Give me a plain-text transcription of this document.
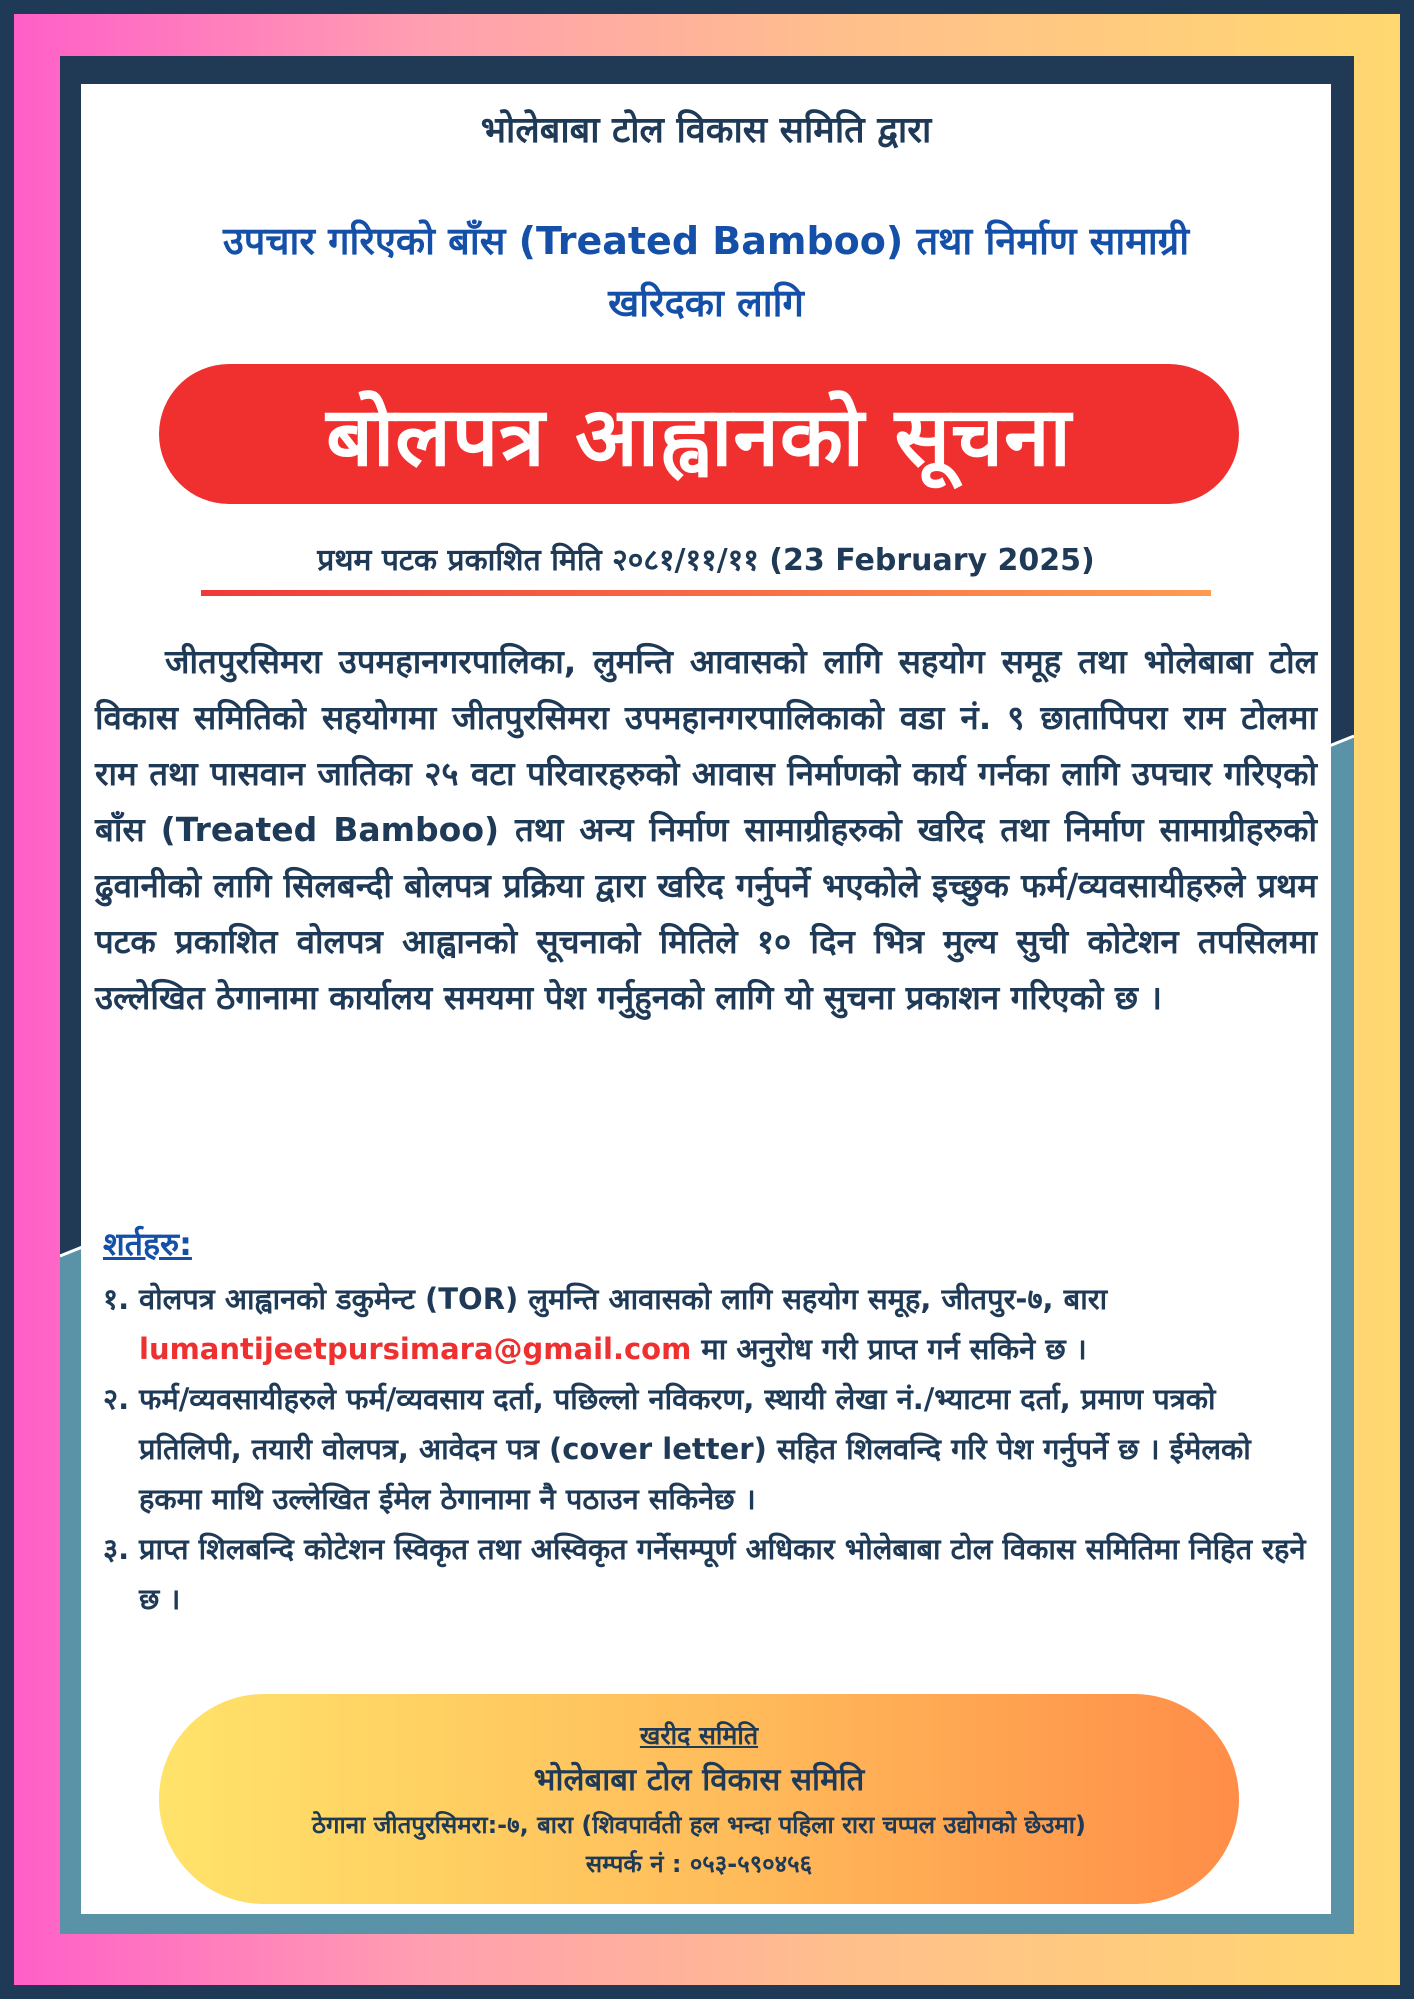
भोलेबाबा टोल विकास समिति द्वारा
उपचार गरिएको बाँस (Treated Bamboo) तथा निर्माण सामाग्री खरिदका लागि
बोलपत्र आह्वानको सूचना
प्रथम पटक प्रकाशित मिति २०८१/११/११ (23 February 2025)
जीतपुरसिमरा उपमहानगरपालिका, लुमन्ति आवासको लागि सहयोग समूह तथा भोलेबाबा टोल विकास समितिको सहयोगमा जीतपुरसिमरा उपमहानगरपालिकाको वडा नं. ९ छातापिपरा राम टोलमा राम तथा पासवान जातिका २५ वटा परिवारहरुको आवास निर्माणको कार्य गर्नका लागि उपचार गरिएको बाँस (Treated Bamboo) तथा अन्य निर्माण सामाग्रीहरुको खरिद तथा निर्माण सामाग्रीहरुको ढुवानीको लागि सिलबन्दी बोलपत्र प्रक्रिया द्वारा खरिद गर्नुपर्ने भएकोले इच्छुक फर्म/व्यवसायीहरुले प्रथम पटक प्रकाशित वोलपत्र आह्वानको सूचनाको मितिले १० दिन भित्र मुल्य सुची कोटेशन तपसिलमा उल्लेखित ठेगानामा कार्यालय समयमा पेश गर्नुहुनको लागि यो सुचना प्रकाशन गरिएको छ ।
शर्तहरु:
१. वोलपत्र आह्वानको डकुमेन्ट (TOR) लुमन्ति आवासको लागि सहयोग समूह, जीतपुर-७, बारा lumantijeetpursimara@gmail.com मा अनुरोध गरी प्राप्त गर्न सकिने छ ।
२. फर्म/व्यवसायीहरुले फर्म/व्यवसाय दर्ता, पछिल्लो नविकरण, स्थायी लेखा नं./भ्याटमा दर्ता, प्रमाण पत्रको प्रतिलिपी, तयारी वोलपत्र, आवेदन पत्र (cover letter) सहित शिलवन्दि गरि पेश गर्नुपर्ने छ । ईमेलको हकमा माथि उल्लेखित ईमेल ठेगानामा नै पठाउन सकिनेछ ।
३. प्राप्त शिलबन्दि कोटेशन स्विकृत तथा अस्विकृत गर्नेसम्पूर्ण अधिकार भोलेबाबा टोल विकास समितिमा निहित रहने छ ।
खरीद समिति
भोलेबाबा टोल विकास समिति
ठेगाना जीतपुरसिमरा:-७, बारा (शिवपार्वती हल भन्दा पहिला रारा चप्पल उद्योगको छेउमा)
सम्पर्क नं : ०५३-५९०४५६
